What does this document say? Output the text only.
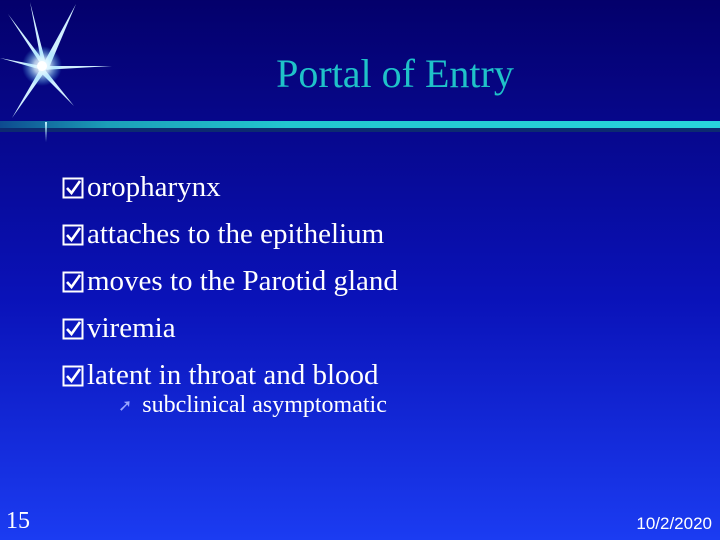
Portal of Entry
oropharynx
attaches to the epithelium
moves to the Parotid gland
viremia
latent in throat and blood
➚ subclinical asymptomatic
15	10/2/2020
